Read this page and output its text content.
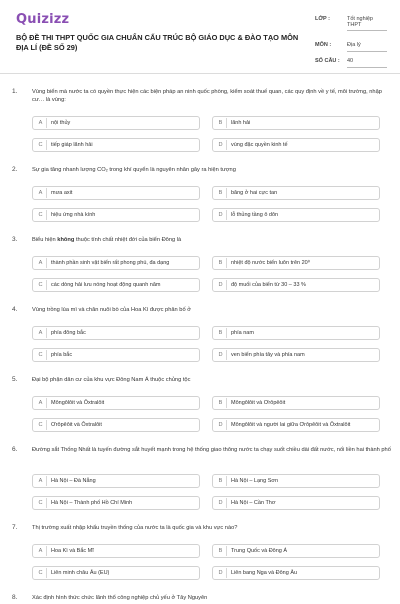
Quizizz
BỘ ĐỀ THI THPT QUỐC GIA CHUẨN CẤU TRÚC BỘ GIÁO DỤC & ĐÀO TẠO MÔN ĐỊA LÍ (ĐỀ SỐ 29)
LỚP :	Tốt nghiệp THPT
MÔN :	Địa lý
SỐ CÂU :	40
1.	Vùng biển mà nước ta có quyền thực hiện các biện pháp an ninh quốc phòng, kiểm soát thuế quan, các quy định về y tế, môi trường, nhập cư… là vùng:
A	nội thủy	B	lãnh hải
C	tiếp giáp lãnh hải	D	vùng đặc quyền kinh tế
2.	Sự gia tăng nhanh lượng CO₂ trong khí quyển là nguyên nhân gây ra hiện tượng
A	mưa axit	B	băng ở hai cực tan
C	hiệu ứng nhà kính	D	lỗ thủng tầng ô dôn
3.	Biểu hiện không thuộc tính chất nhiệt đới của biển Đông là
A	thành phần sinh vật biển rất phong phú, đa dạng	B	nhiệt độ nước biển luôn trên 20⁰
C	các dòng hải lưu nóng hoạt động quanh năm	D	độ muối của biển từ 30 – 33 %
4.	Vùng trồng lúa mì và chăn nuôi bò của Hoa Kì được phân bố ở
A	phía đông bắc	B	phía nam
C	phía bắc	D	ven biển phía tây và phía nam
5.	Đại bộ phận dân cư của khu vực Đông Nam Á thuộc chủng tộc
A	Môngôlôit và Ôxtralôit	B	Môngôlôit và Ơrôpêôit
C	Ơrôpêôit và Ôxtralôit	D	Môngôlôit và người lai giữa Ơrôpêôit và Ôxtralôit
6.	Đường sắt Thống Nhất là tuyến đường sắt huyết mạnh trong hệ thống giao thông nước ta chạy suốt chiều dài đất nước, nối liền hai thành phố
A	Hà Nội – Đà Nẵng	B	Hà Nội – Lạng Sơn
C	Hà Nội – Thành phố Hồ Chí Minh	D	Hà Nội – Cần Thơ
7.	Thị trường xuất nhập khẩu truyền thống của nước ta là quốc gia và khu vực nào?
A	Hoa Kì và Bắc Mĩ	B	Trung Quốc và Đông Á
C	Liên minh châu Âu (EU)	D	Liên bang Nga và Đông Âu
8.	Xác định hình thức chức lãnh thổ công nghiệp chủ yếu ở Tây Nguyên
